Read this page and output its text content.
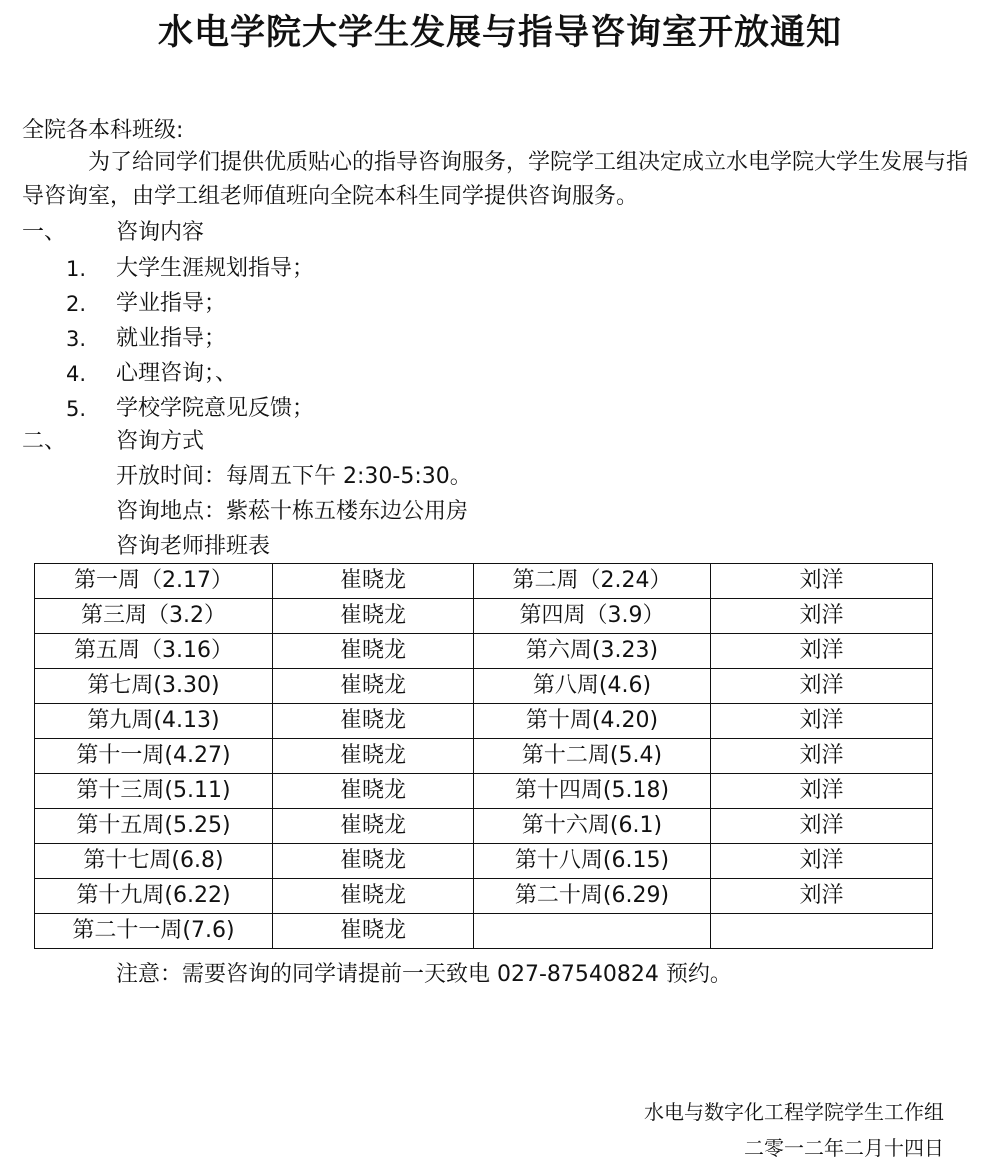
水电学院大学生发展与指导咨询室开放通知
全院各本科班级:
为了给同学们提供优质贴心的指导咨询服务，学院学工组决定成立水电学院大学生发展与指导咨询室，由学工组老师值班向全院本科生同学提供咨询服务。
一、 咨询内容
1.	大学生涯规划指导；
2.	学业指导；
3.	就业指导；
4.	心理咨询；、
5.	学校学院意见反馈；
二、 咨询方式
开放时间：每周五下午 2:30-5:30。
咨询地点：紫菘十栋五楼东边公用房
咨询老师排班表
第一周（2.17）	崔晓龙	第二周（2.24）	刘洋
第三周（3.2）	崔晓龙	第四周（3.9）	刘洋
第五周（3.16）	崔晓龙	第六周(3.23)	刘洋
第七周(3.30)	崔晓龙	第八周(4.6)	刘洋
第九周(4.13)	崔晓龙	第十周(4.20)	刘洋
第十一周(4.27)	崔晓龙	第十二周(5.4)	刘洋
第十三周(5.11)	崔晓龙	第十四周(5.18)	刘洋
第十五周(5.25)	崔晓龙	第十六周(6.1)	刘洋
第十七周(6.8)	崔晓龙	第十八周(6.15)	刘洋
第十九周(6.22)	崔晓龙	第二十周(6.29)	刘洋
第二十一周(7.6)	崔晓龙		
注意：需要咨询的同学请提前一天致电 027-87540824 预约。
水电与数字化工程学院学生工作组
二零一二年二月十四日
